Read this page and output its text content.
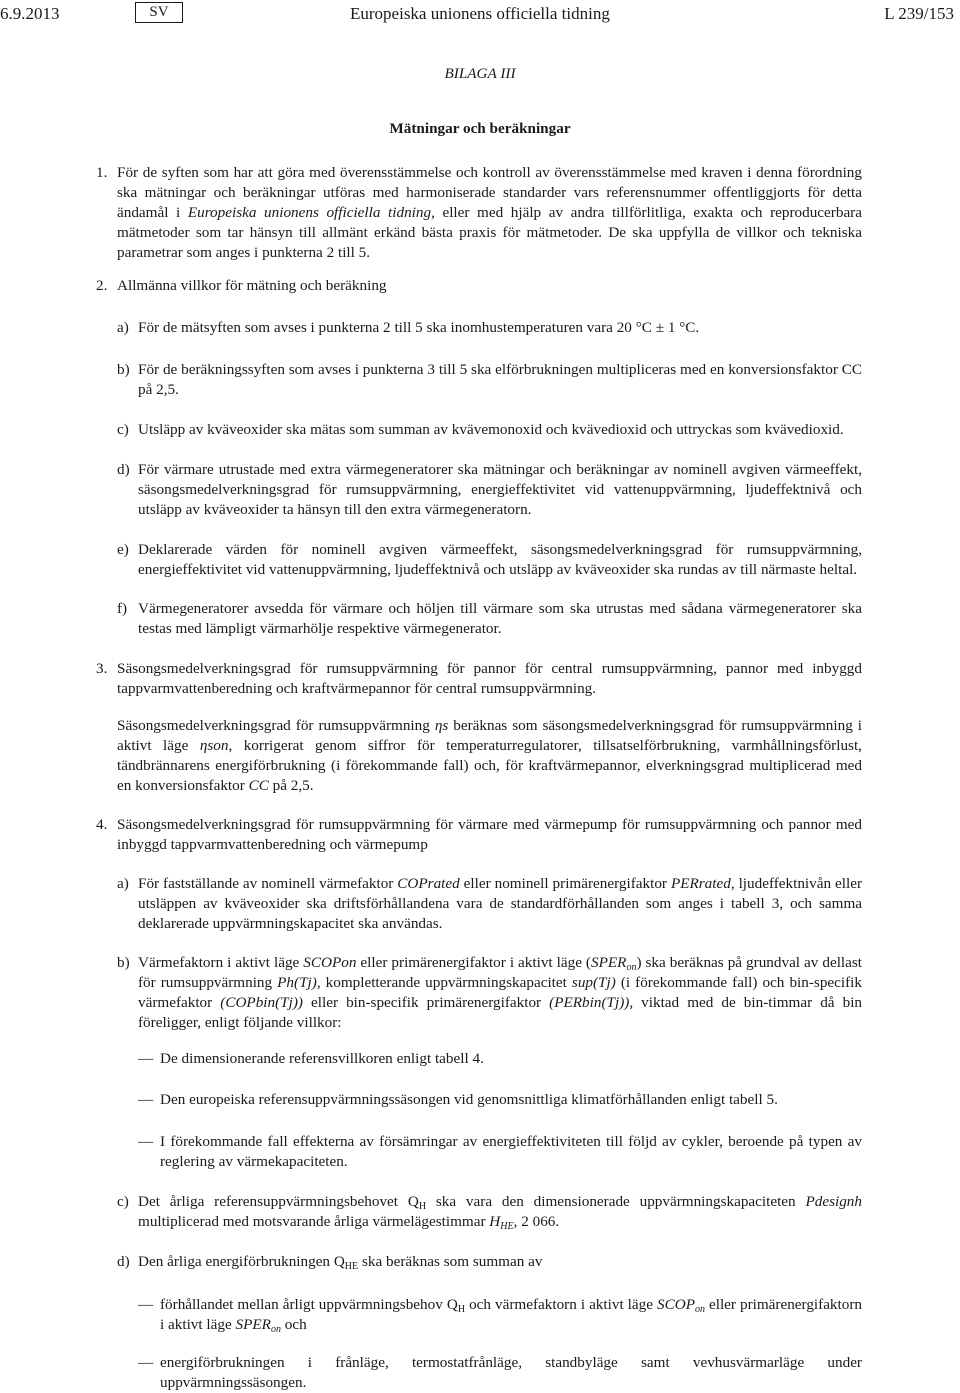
6.9.2013	SV	Europeiska unionens officiella tidning	L 239/153
BILAGA III
Mätningar och beräkningar
1. För de syften som har att göra med överensstämmelse och kontroll av överensstämmelse med kraven i denna förordning ska mätningar och beräkningar utföras med harmoniserade standarder vars referensnummer offentliggjorts för detta ändamål i Europeiska unionens officiella tidning, eller med hjälp av andra tillförlitliga, exakta och reproducerbara mätmetoder som tar hänsyn till allmänt erkänd bästa praxis för mätmetoder. De ska uppfylla de villkor och tekniska parametrar som anges i punkterna 2 till 5.
2. Allmänna villkor för mätning och beräkning
a) För de mätsyften som avses i punkterna 2 till 5 ska inomhustemperaturen vara 20 °C ± 1 °C.
b) För de beräkningssyften som avses i punkterna 3 till 5 ska elförbrukningen multipliceras med en konversionsfaktor CC på 2,5.
c) Utsläpp av kväveoxider ska mätas som summan av kvävemonoxid och kvävedioxid och uttryckas som kvävedioxid.
d) För värmare utrustade med extra värmegeneratorer ska mätningar och beräkningar av nominell avgiven värmeeffekt, säsongsmedelverkningsgrad för rumsuppvärmning, energieffektivitet vid vattenuppvärmning, ljudeffektnivå och utsläpp av kväveoxider ta hänsyn till den extra värmegeneratorn.
e) Deklarerade värden för nominell avgiven värmeeffekt, säsongsmedelverkningsgrad för rumsuppvärmning, energieffektivitet vid vattenuppvärmning, ljudeffektnivå och utsläpp av kväveoxider ska rundas av till närmaste heltal.
f) Värmegeneratorer avsedda för värmare och höljen till värmare som ska utrustas med sådana värmegeneratorer ska testas med lämpligt värmarhölje respektive värmegenerator.
3. Säsongsmedelverkningsgrad för rumsuppvärmning för pannor för central rumsuppvärmning, pannor med inbyggd tappvarmvattenberedning och kraftvärmepannor för central rumsuppvärmning.
Säsongsmedelverkningsgrad för rumsuppvärmning ηs beräknas som säsongsmedelverkningsgrad för rumsuppvärmning i aktivt läge ηson, korrigerat genom siffror för temperaturregulatorer, tillsatselförbrukning, varmhållningsförlust, tändbrännarens energiförbrukning (i förekommande fall) och, för kraftvärmepannor, elverkningsgrad multiplicerad med en konversionsfaktor CC på 2,5.
4. Säsongsmedelverkningsgrad för rumsuppvärmning för värmare med värmepump för rumsuppvärmning och pannor med inbyggd tappvarmvattenberedning och värmepump
a) För fastställande av nominell värmefaktor COPrated eller nominell primärenergifaktor PERrated, ljudeffektnivån eller utsläppen av kväveoxider ska driftsförhållandena vara de standardförhållanden som anges i tabell 3, och samma deklarerade uppvärmningskapacitet ska användas.
b) Värmefaktorn i aktivt läge SCOPon eller primärenergifaktor i aktivt läge $(SPER_{on})$ ska beräknas på grundval av dellast för rumsuppvärmning Ph(Tj), kompletterande uppvärmningskapacitet sup(Tj) (i förekommande fall) och bin-specifik värmefaktor (COPbin(Tj)) eller bin-specifik primärenergifaktor (PERbin(Tj)), viktad med de bin-timmar då bin föreligger, enligt följande villkor:
— De dimensionerande referensvillkoren enligt tabell 4.
— Den europeiska referensuppvärmningssäsongen vid genomsnittliga klimatförhållanden enligt tabell 5.
— I förekommande fall effekterna av försämringar av energieffektiviteten till följd av cykler, beroende på typen av reglering av värmekapaciteten.
c) Det årliga referensuppvärmningsbehovet $Q_H$ ska vara den dimensionerade uppvärmningskapaciteten Pdesignh multiplicerad med motsvarande årliga värmelägestimmar $H_{HE}$, 2 066.
d) Den årliga energiförbrukningen $Q_{HE}$ ska beräknas som summan av
— förhållandet mellan årligt uppvärmningsbehov $Q_H$ och värmefaktorn i aktivt läge $SCOP_{on}$ eller primärenergifaktorn i aktivt läge $SPER_{on}$ och
— energiförbrukningen i frånläge, termostatfrånläge, standbyläge samt vevhusvärmarläge under uppvärmningssäsongen.
